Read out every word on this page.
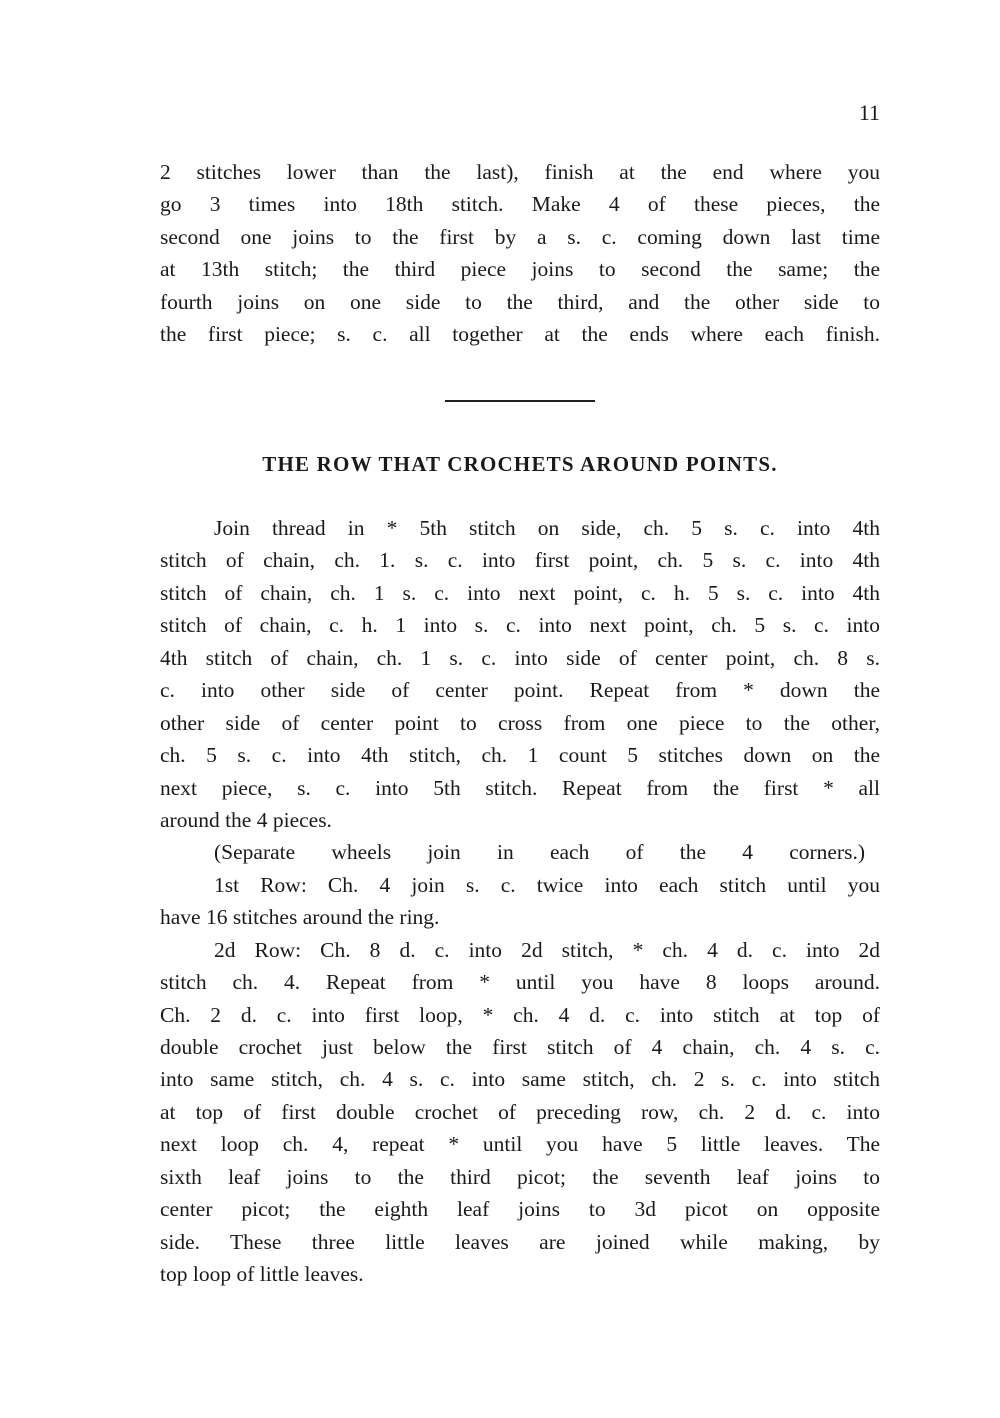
11
2 stitches lower than the last), finish at the end where you
go 3 times into 18th stitch. Make 4 of these pieces, the
second one joins to the first by a s. c. coming down last time
at 13th stitch; the third piece joins to second the same; the
fourth joins on one side to the third, and the other side to
the first piece; s. c. all together at the ends where each finish.
THE ROW THAT CROCHETS AROUND POINTS.
Join thread in * 5th stitch on side, ch. 5 s. c. into 4th
stitch of chain, ch. 1. s. c. into first point, ch. 5 s. c. into 4th
stitch of chain, ch. 1 s. c. into next point, c. h. 5 s. c. into 4th
stitch of chain, c. h. 1 into s. c. into next point, ch. 5 s. c. into
4th stitch of chain, ch. 1 s. c. into side of center point, ch. 8 s.
c. into other side of center point. Repeat from * down the
other side of center point to cross from one piece to the other,
ch. 5 s. c. into 4th stitch, ch. 1 count 5 stitches down on the
next piece, s. c. into 5th stitch. Repeat from the first * all
around the 4 pieces.
(Separate wheels join in each of the 4 corners.)
1st Row: Ch. 4 join s. c. twice into each stitch until you
have 16 stitches around the ring.
2d Row: Ch. 8 d. c. into 2d stitch, * ch. 4 d. c. into 2d
stitch ch. 4. Repeat from * until you have 8 loops around.
Ch. 2 d. c. into first loop, * ch. 4 d. c. into stitch at top of
double crochet just below the first stitch of 4 chain, ch. 4 s. c.
into same stitch, ch. 4 s. c. into same stitch, ch. 2 s. c. into stitch
at top of first double crochet of preceding row, ch. 2 d. c. into
next loop ch. 4, repeat * until you have 5 little leaves. The
sixth leaf joins to the third picot; the seventh leaf joins to
center picot; the eighth leaf joins to 3d picot on opposite
side. These three little leaves are joined while making, by
top loop of little leaves.
